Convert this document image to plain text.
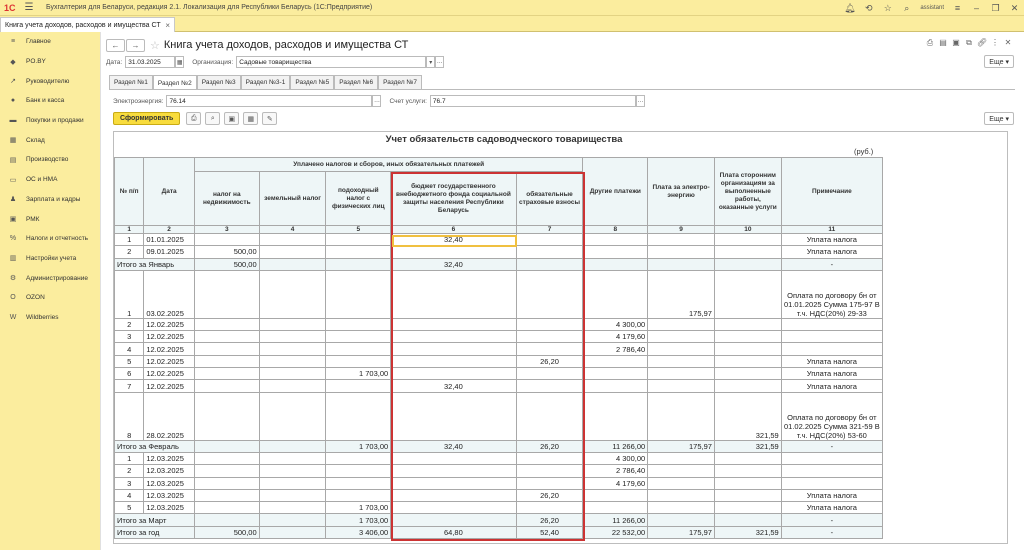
1С ☰	Бухгалтерия для Беларуси, редакция 2.1. Локализация для Республики Беларусь (1С:Предприятие)	🔔︎	⟲	☆	⌕	assistant	≡	–	❐	✕
Книга учета доходов, расходов и имущества СТ ×
≡	Главное
◆	PO.BY
↗	Руководителю
●	Банк и касса
▬ Покупки и продажи
▦ Склад
▤ Производство
▭ ОС и НМА
♟ Зарплата и кадры
▣ РМК
% Налоги и отчетность
▥ Настройки учета
⚙ Администрирование
O	OZON
W Wildberries
←	→ ☆ Книга учета доходов, расходов и имущества СТ	⎙ ▤ ▣ ⧉ 🔗︎ ⋮ ✕
Еще ▾
Дата: 31.03.2025	▦ Организация: Садовые товарищества	▾ …
Раздел №1	Раздел №2	Раздел №3	Раздел №3-1	Раздел №5	Раздел №6	Раздел №7
Электроэнергия: 76.14	… Счет услуги: 76.7	…
Сформировать	⎙	⌕	▣	▦	✎	Еще ▾
Учет обязательств садоводческого товарищества
(руб.)
№ п/п	Дата	Уплачено налогов и сборов, иных обязательных платежей					Другие платежи	Плата за электро-энергию	Плата сторонним организациям за выполненные работы, оказанные услуги	Примечание
		налог на недвижимость	земельный налог	подоходный налог с физических лиц	бюджет государственного внебюджетного фонда социальной защиты населения Республики Беларусь	обязательные страховые взносы				
1	2	3	4	5	6	7	8	9	10	11
1	01.01.2025				32,40					Уплата налога
2	09.01.2025	500,00								Уплата налога
Итого за Январь		500,00			32,40					-
1	03.02.2025							175,97		Оплата по договору бн от 01.01.2025 Сумма 175-97 В т.ч. НДС(20%) 29-33
2	12.02.2025						4 300,00			
3	12.02.2025						4 179,60			
4	12.02.2025						2 786,40			
5	12.02.2025					26,20				Уплата налога
6	12.02.2025			1 703,00						Уплата налога
7	12.02.2025				32,40					Уплата налога
8	28.02.2025								321,59	Оплата по договору бн от 01.02.2025 Сумма 321-59 В т.ч. НДС(20%) 53-60
Итого за Февраль				1 703,00	32,40	26,20	11 266,00	175,97	321,59	-
1	12.03.2025						4 300,00			
2	12.03.2025						2 786,40			
3	12.03.2025						4 179,60			
4	12.03.2025					26,20				Уплата налога
5	12.03.2025			1 703,00						Уплата налога
Итого за Март				1 703,00		26,20	11 266,00			-
Итого за год		500,00		3 406,00	64,80	52,40	22 532,00	175,97	321,59	-
